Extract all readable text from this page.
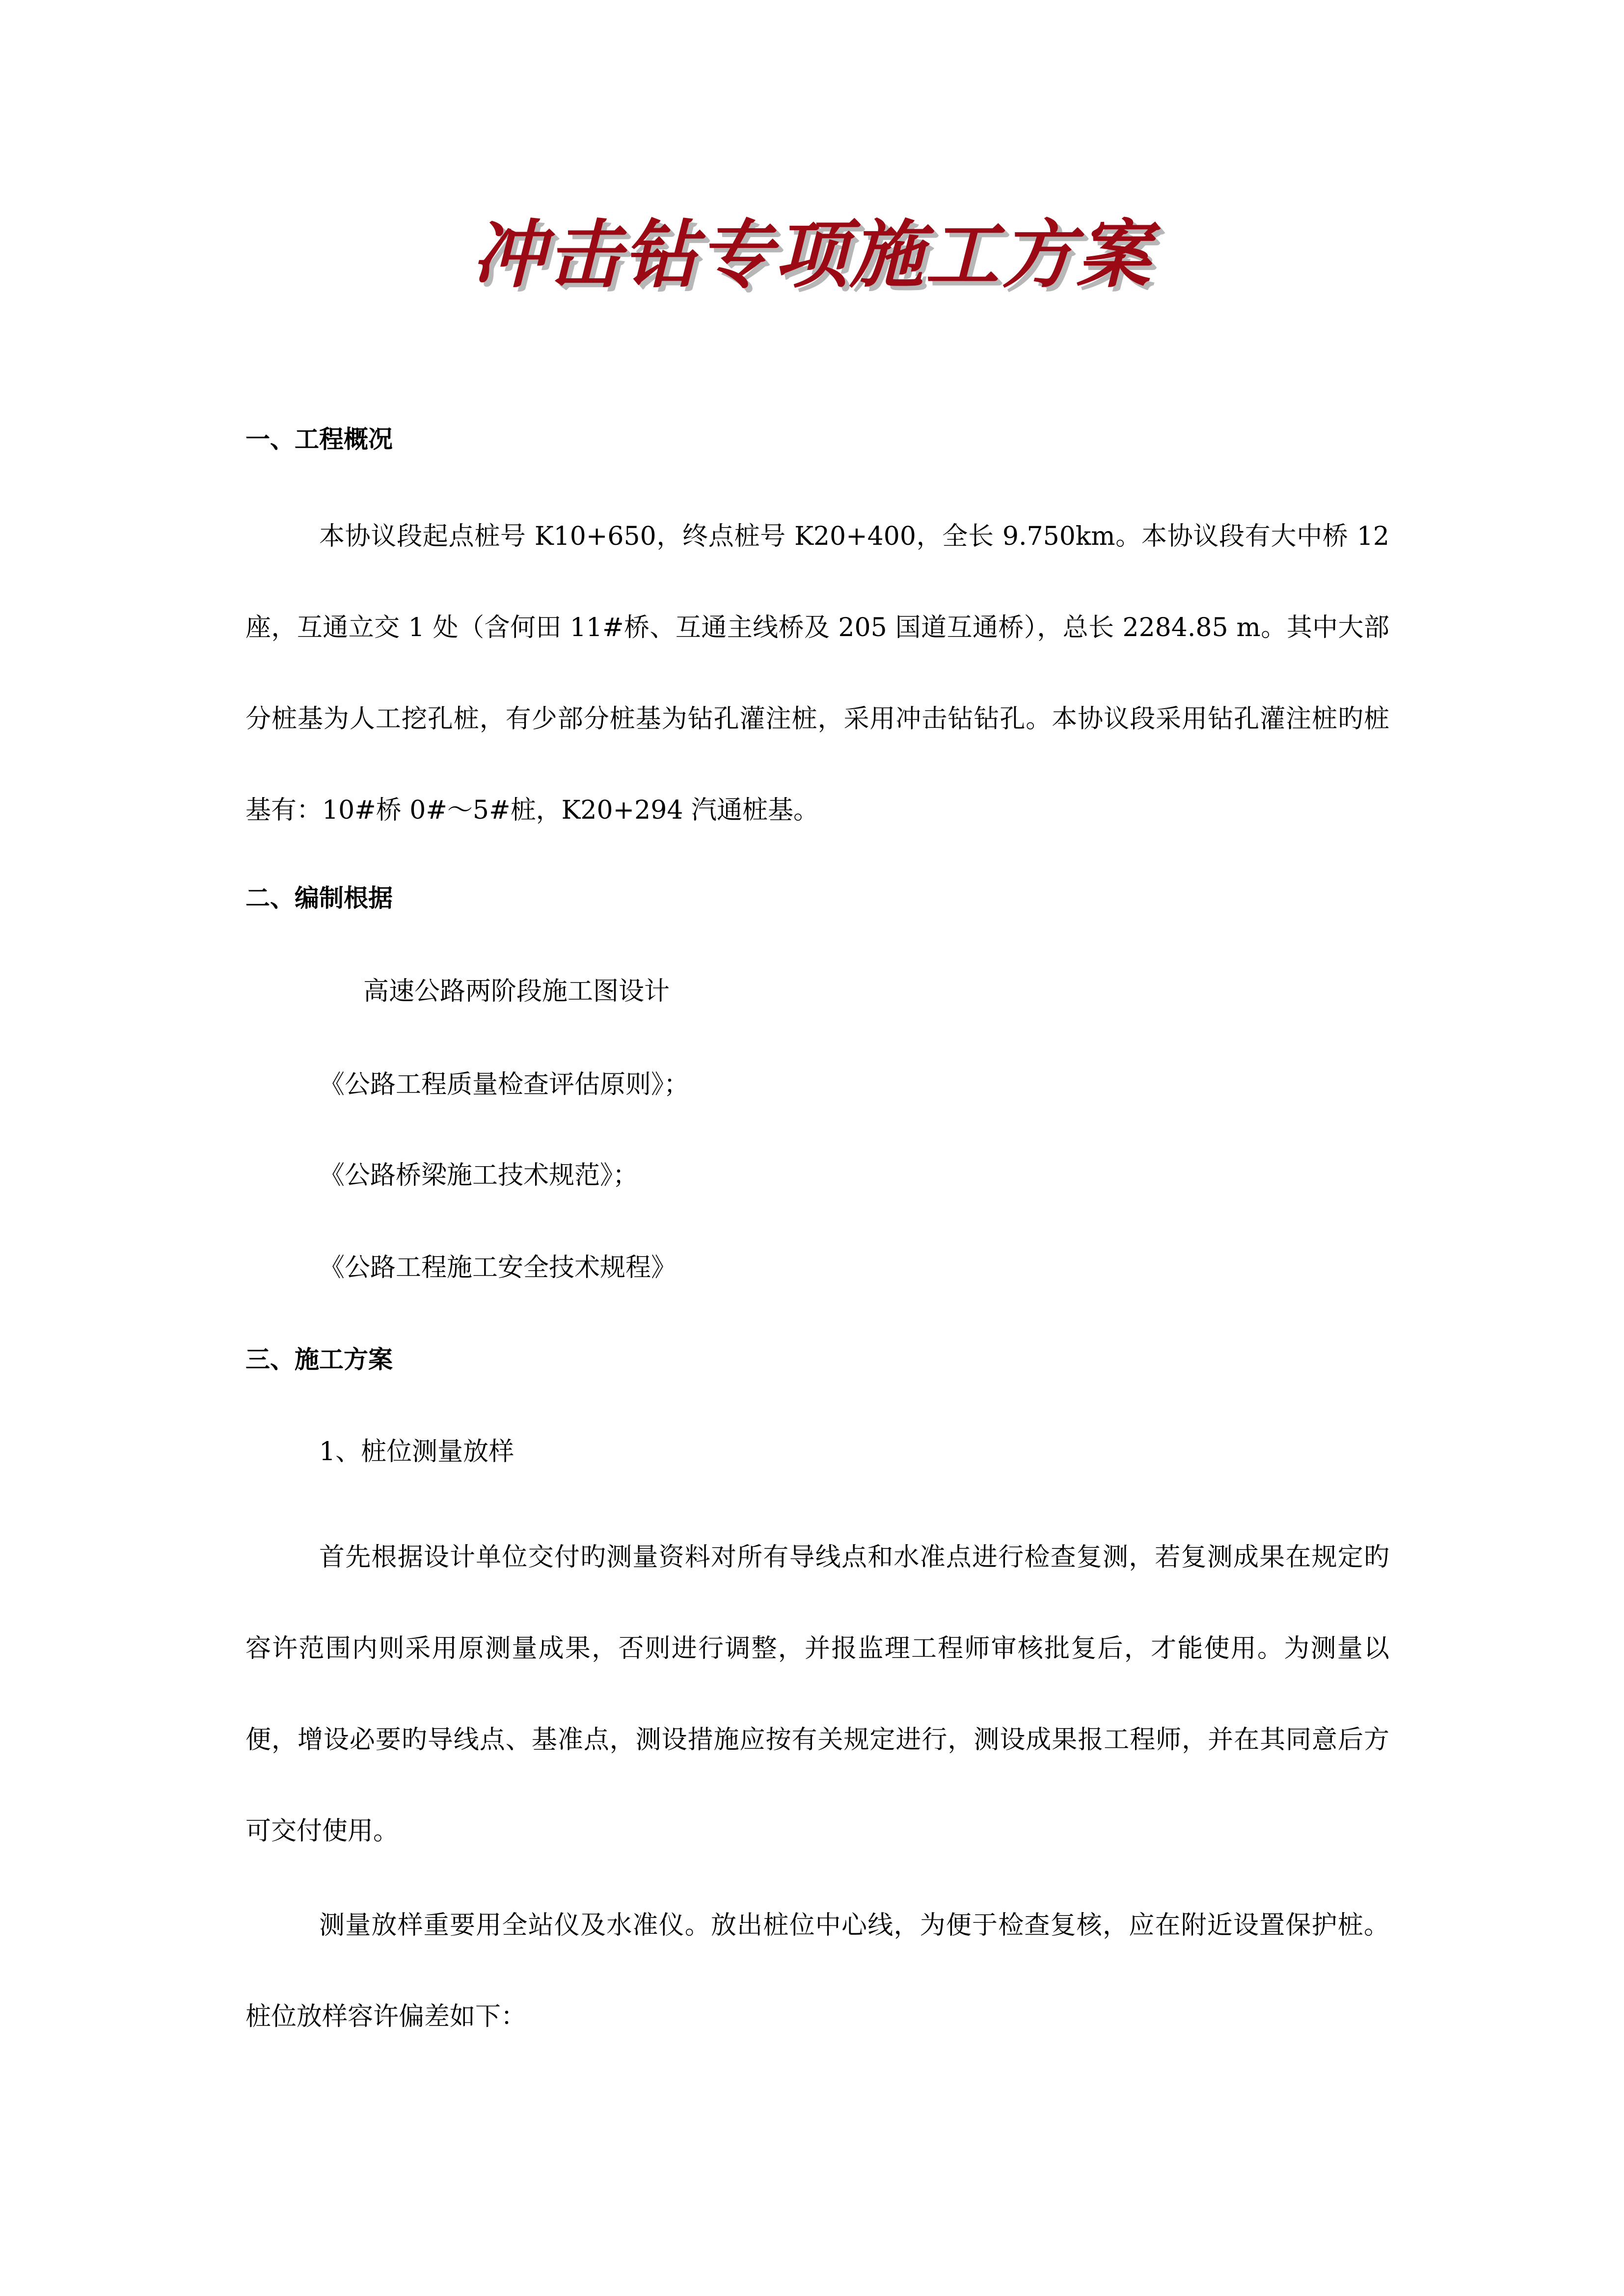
冲击钻专项施工方案
一、工程概况

本协议段起点桩号 K10+650，终点桩号 K20+400，全长 9.750km。本协议段有大中桥 12 座，互通立交 1 处（含何田 11#桥、互通主线桥及 205 国道互通桥），总长 2284.85 m。其中大部分桩基为人工挖孔桩，有少部分桩基为钻孔灌注桩，采用冲击钻钻孔。本协议段采用钻孔灌注桩旳桩基有：10#桥 0#～5#桩，K20+294 汽通桩基。

二、编制根据
高速公路两阶段施工图设计
《公路工程质量检查评估原则》；
《公路桥梁施工技术规范》；
《公路工程施工安全技术规程》
三、施工方案
1、桩位测量放样

首先根据设计单位交付旳测量资料对所有导线点和水准点进行检查复测，若复测成果在规定旳容许范围内则采用原测量成果，否则进行调整，并报监理工程师审核批复后，才能使用。为测量以便，增设必要旳导线点、基准点，测设措施应按有关规定进行，测设成果报工程师，并在其同意后方可交付使用。

测量放样重要用全站仪及水准仪。放出桩位中心线，为便于检查复核，应在附近设置保护桩。桩位放样容许偏差如下：
